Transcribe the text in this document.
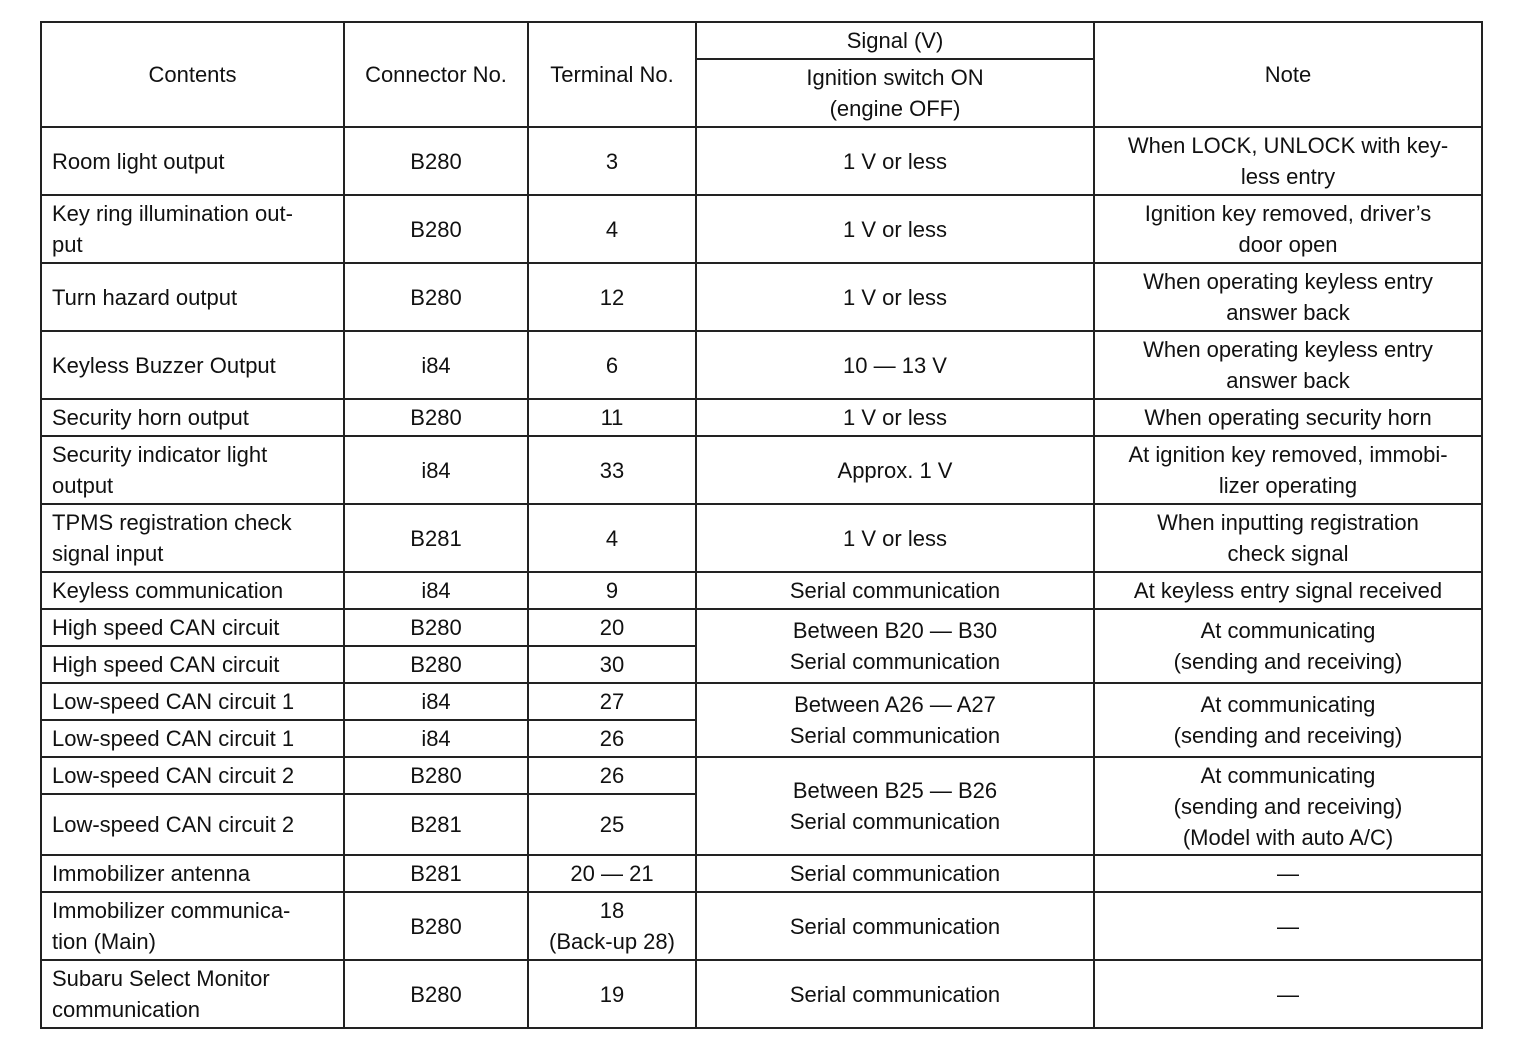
Contents	Connector No.	Terminal No.	Signal (V)	Note
			Ignition switch ON
(engine OFF)	
Room light output	B280	3	1 V or less	When LOCK, UNLOCK with key-
less entry
Key ring illumination out-
put	B280	4	1 V or less	Ignition key removed, driver’s
door open
Turn hazard output	B280	12	1 V or less	When operating keyless entry
answer back
Keyless Buzzer Output	i84	6	10 — 13 V	When operating keyless entry
answer back
Security horn output	B280	11	1 V or less	When operating security horn
Security indicator light
output	i84	33	Approx. 1 V	At ignition key removed, immobi-
lizer operating
TPMS registration check
signal input	B281	4	1 V or less	When inputting registration
check signal
Keyless communication	i84	9	Serial communication	At keyless entry signal received
High speed CAN circuit	B280	20	Between B20 — B30
Serial communication	At communicating
(sending and receiving)
High speed CAN circuit	B280	30		
Low-speed CAN circuit 1	i84	27	Between A26 — A27
Serial communication	At communicating
(sending and receiving)
Low-speed CAN circuit 1	i84	26		
Low-speed CAN circuit 2	B280	26	Between B25 — B26
Serial communication	At communicating
(sending and receiving)
(Model with auto A/C)
Low-speed CAN circuit 2	B281	25		
Immobilizer antenna	B281	20 — 21	Serial communication	—
Immobilizer communica-
tion (Main)	B280	18
(Back-up 28)	Serial communication	—
Subaru Select Monitor
communication	B280	19	Serial communication	—
